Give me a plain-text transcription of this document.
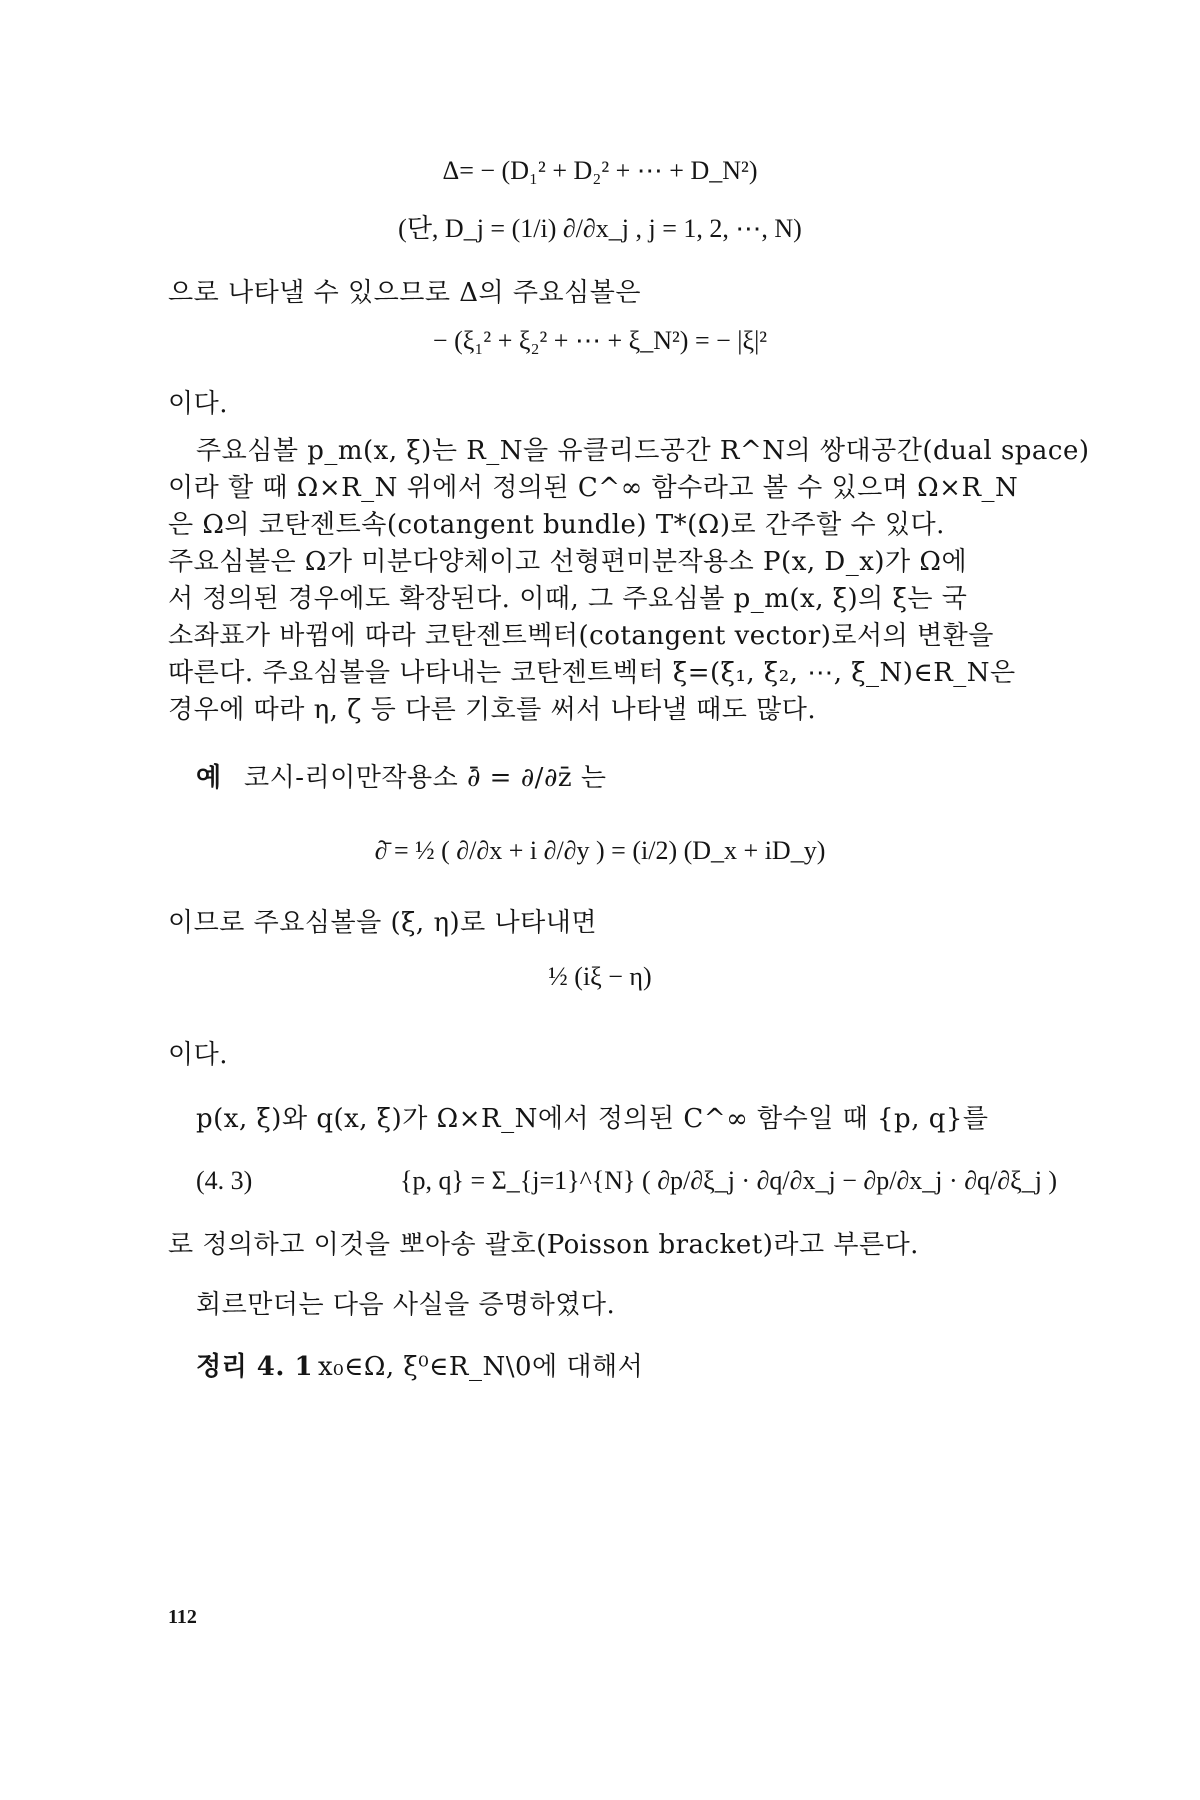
Δ= − (D₁² + D₂² + ⋯ + D_N²)
(단, D_j = (1/i) ∂/∂x_j , j = 1, 2, ⋯, N)
으로 나타낼 수 있으므로 Δ의 주요심볼은
− (ξ₁² + ξ₂² + ⋯ + ξ_N²) = − |ξ|²
이다.
주요심볼 p_m(x, ξ)는 R_N을 유클리드공간 R^N의 쌍대공간(dual space)
이라 할 때 Ω×R_N 위에서 정의된 C^∞ 함수라고 볼 수 있으며 Ω×R_N
은 Ω의 코탄젠트속(cotangent bundle) T*(Ω)로 간주할 수 있다.
주요심볼은 Ω가 미분다양체이고 선형편미분작용소 P(x, D_x)가 Ω에
서 정의된 경우에도 확장된다. 이때, 그 주요심볼 p_m(x, ξ)의 ξ는 국
소좌표가 바뀜에 따라 코탄젠트벡터(cotangent vector)로서의 변환을
따른다. 주요심볼을 나타내는 코탄젠트벡터 ξ=(ξ₁, ξ₂, ⋯, ξ_N)∈R_N은
경우에 따라 η, ζ 등 다른 기호를 써서 나타낼 때도 많다.
예 코시-리이만작용소 ∂̄ = ∂/∂z̄ 는
∂̄ = ½ ( ∂/∂x + i ∂/∂y ) = (i/2) (D_x + iD_y)
이므로 주요심볼을 (ξ, η)로 나타내면
½ (iξ − η)
이다.
p(x, ξ)와 q(x, ξ)가 Ω×R_N에서 정의된 C^∞ 함수일 때 {p, q}를
(4. 3)	{p, q} = Σ_{j=1}^{N} ( ∂p/∂ξ_j · ∂q/∂x_j − ∂p/∂x_j · ∂q/∂ξ_j )
로 정의하고 이것을 뽀아송 괄호(Poisson bracket)라고 부른다.
회르만더는 다음 사실을 증명하였다.
정리 4. 1 x₀∈Ω, ξ⁰∈R_N\0에 대해서
112
